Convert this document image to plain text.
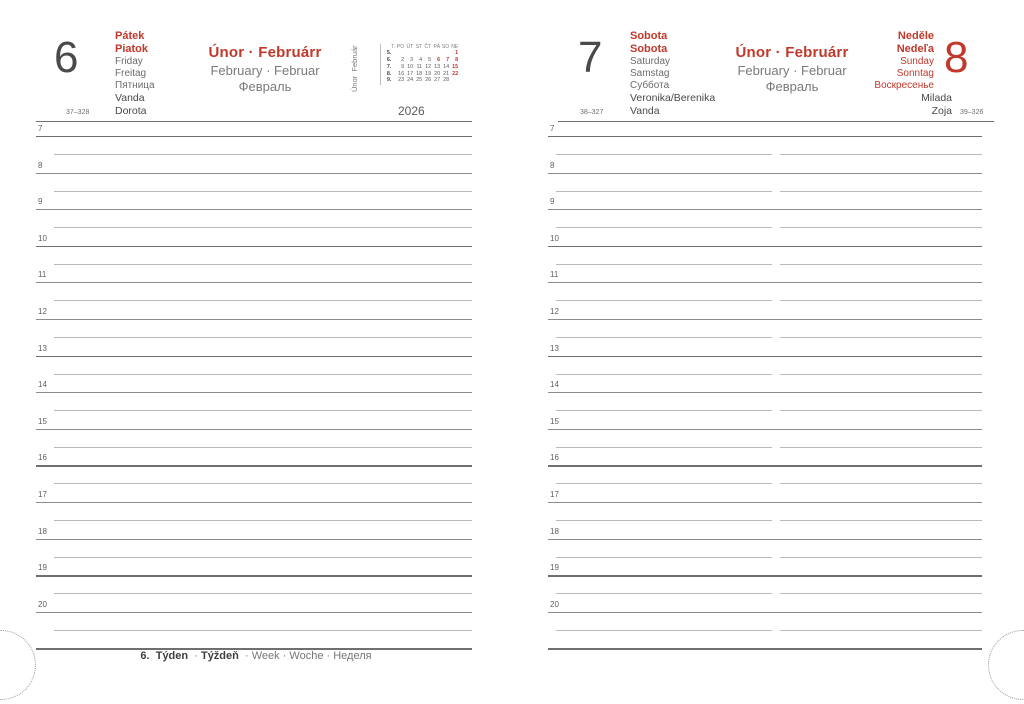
6	Pátek
Piatok
Friday
Freitag
Пятница
Únor · Februárr
February · Februar
Февраль	Únor  Február	T.	PO	ÚT	ST	ČT	PÁ	SO	NE
5.							1
6.	2	3	4	5	6	7	8
7.	9	10	11	12	13	14	15
8.	16	17	18	19	20	21	22
9.	23	24	25	26	27	28	
Vanda
Dorota
37–328	2026
7	Sobota
Sobota
Saturday
Samstag
Суббота
Únor · Februárr
February · Februar
Февраль
Neděle
Nedeľa
Sunday
Sonntag
Воскресенье
8
Veronika/Berenika
Vanda
38–327
Milada
Zoja 39–326
7	7
8	8
9	9
10	10
11	11
12	12
13	13
14	14
15	15
16	16
17	17
18	18
19	19
20	20
6. Týden  · Týždeň · Week · Woche · Неделя
